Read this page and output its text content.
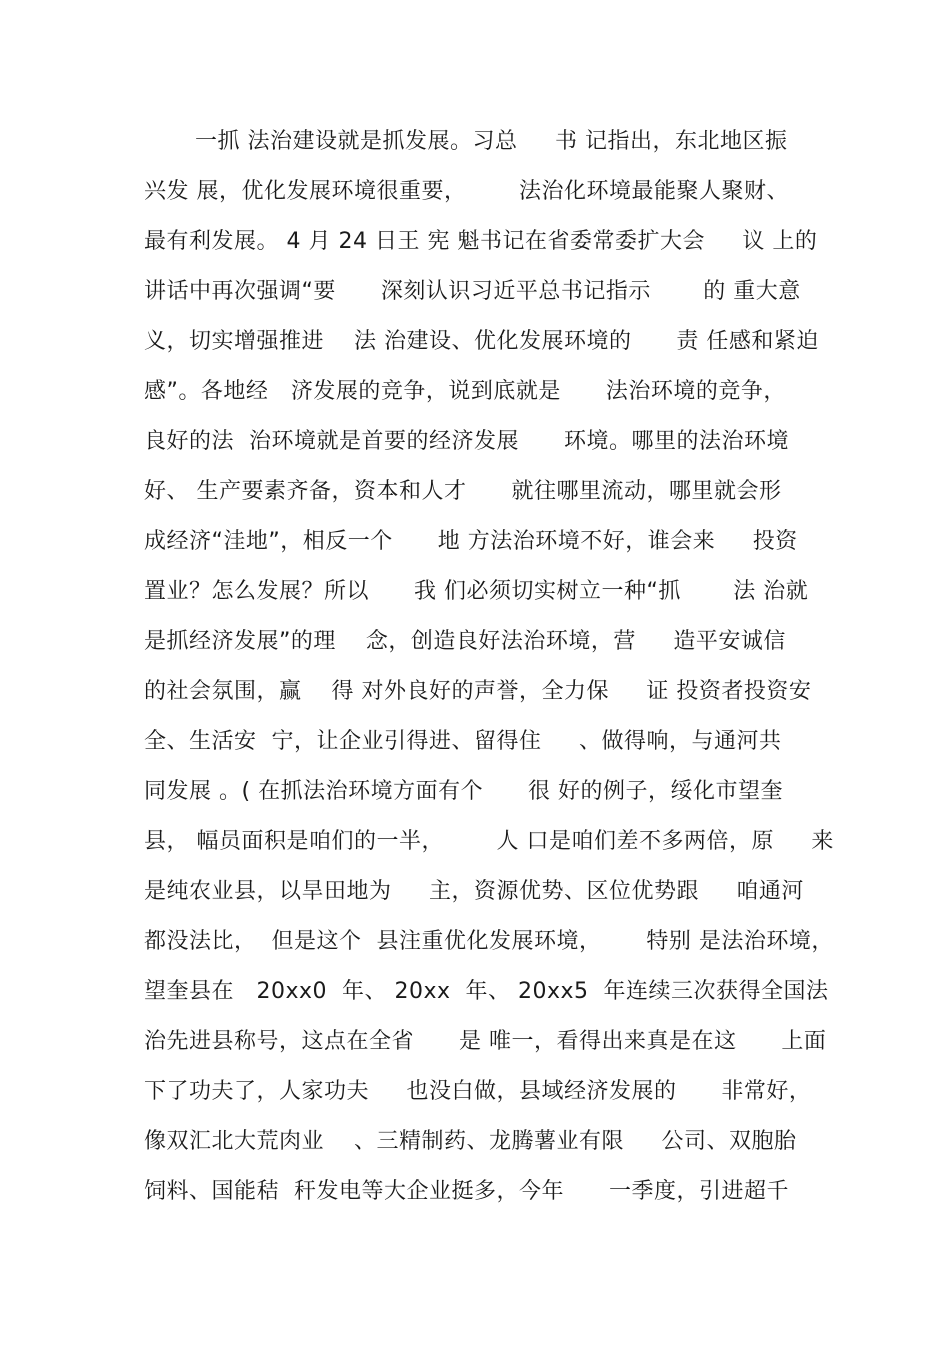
一抓 法治建设就是抓发展。习总     书 记指出，东北地区振
兴发 展，优化发展环境很重要，       法治化环境最能聚人聚财、
最有利发展。 4 月 24 日王 宪 魁书记在省委常委扩大会     议 上的
讲话中再次强调“要      深刻认识习近平总书记指示       的 重大意
义，切实增强推进    法 治建设、优化发展环境的      责 任感和紧迫
感”。各地经   济发展的竞争，说到底就是      法治环境的竞争，
良好的法  治环境就是首要的经济发展      环境。哪里的法治环境
好、 生产要素齐备，资本和人才      就往哪里流动，哪里就会形
成经济“洼地”，相反一个      地 方法治环境不好，谁会来     投资
置业？怎么发展？所以      我 们必须切实树立一种“抓       法 治就
是抓经济发展”的理    念，创造良好法治环境，营     造平安诚信
的社会氛围，赢    得 对外良好的声誉，全力保     证 投资者投资安
全、生活安  宁，让企业引得进、留得住     、做得响，与通河共
同发展 。( 在抓法治环境方面有个      很 好的例子，绥化市望奎
县， 幅员面积是咱们的一半，       人 口是咱们差不多两倍，原     来
是纯农业县，以旱田地为     主，资源优势、区位优势跟     咱通河
都没法比，  但是这个  县注重优化发展环境，      特别 是法治环境，
望奎县在   20xx0  年、 20xx  年、 20xx5  年连续三次获得全国法
治先进县称号，这点在全省      是 唯一，看得出来真是在这      上面
下了功夫了，人家功夫     也没白做，县域经济发展的      非常好，
像双汇北大荒肉业    、三精制药、龙腾薯业有限     公司、双胞胎
饲料、国能秸  秆发电等大企业挺多，今年      一季度，引进超千
